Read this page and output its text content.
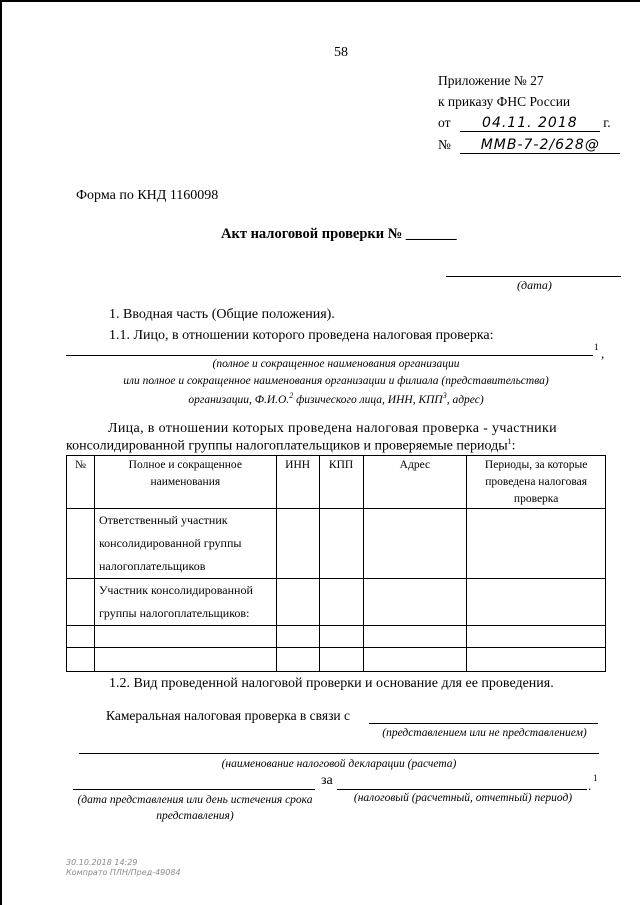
58
Приложение № 27
к приказу ФНС России
от 04.11. 2018 г.
№ ММВ-7-2/628@
Форма по КНД 1160098
Акт налоговой проверки № _______
(дата)
1. Вводная часть (Общие положения).
1.1. Лицо, в отношении которого проведена налоговая проверка:
1 ,
(полное и сокращенное наименования организации
или полное и сокращенное наименования организации и филиала (представительства)
организации, Ф.И.О.$^2$ физического лица, ИНН, КПП$^3$, адрес)
Лица, в отношении которых проведена налоговая проверка - участники
консолидированной группы налогоплательщиков и проверяемые периоды$^1$:
№	Полное и сокращенное наименования	ИНН	КПП	Адрес	Периоды, за которые проведена налоговая проверка
	Ответственный участник консолидированной группы налогоплательщиков				
	Участник консолидированной группы налогоплательщиков:				

1.2. Вид проведенной налоговой проверки и основание для ее проведения.
Камеральная налоговая проверка в связи с
(представлением или не представлением)
(наименование налоговой декларации (расчета)
за	. 1
(дата представления или день истечения срока представления)
(налоговый (расчетный, отчетный) период)
30.10.2018 14:29
Компрато ПЛН/Пред-49084
